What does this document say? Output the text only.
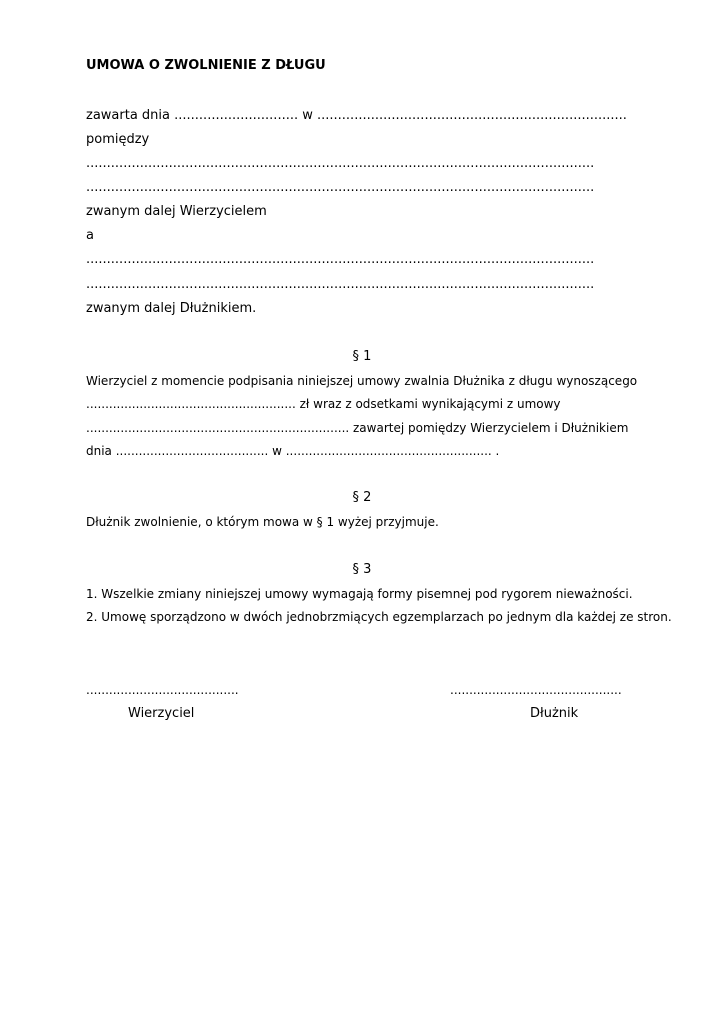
UMOWA O ZWOLNIENIE Z DŁUGU
zawarta dnia .............................. w ...........................................................................
pomiędzy
...........................................................................................................................
...........................................................................................................................
zwanym dalej Wierzycielem
a
...........................................................................................................................
...........................................................................................................................
zwanym dalej Dłużnikiem.
§ 1
Wierzyciel z momencie podpisania niniejszej umowy zwalnia Dłużnika z długu wynoszącego
....................................................... zł wraz z odsetkami wynikającymi z umowy
..................................................................... zawartej pomiędzy Wierzycielem i Dłużnikiem
dnia ........................................ w ...................................................... .
§ 2
Dłużnik zwolnienie, o którym mowa w § 1 wyżej przyjmuje.
§ 3
1. Wszelkie zmiany niniejszej umowy wymagają formy pisemnej pod rygorem nieważności.
2. Umowę sporządzono w dwóch jednobrzmiących egzemplarzach po jednym dla każdej ze stron.
........................................	.............................................
Wierzyciel	Dłużnik
